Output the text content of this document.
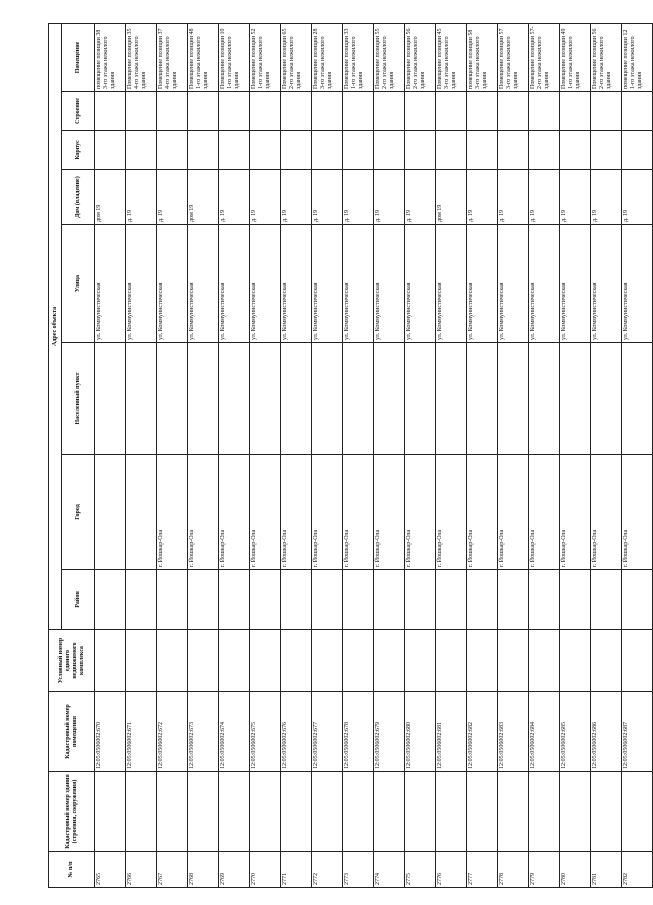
№ п/п	Кадастровый номер здания (строения, сооружения)	Кадастровый номер помещения	Условный номер единого недвижимого комплекса	Адрес объекта							
				Район	Город	Населенный пункт	Улица	Дом (владение)	Корпус	Строение	Помещение
2765		12:05:0506002:670					ул. Коммунистическая	дом 19			помещение позиции 38 3-го этажа нежилого здания
2766		12:05:0506002:671					ул. Коммунистическая	д. 19			Помещение позиции 35 4-го этажа нежилого здания
2767		12:05:0506002:672			г. Йошкар-Ола		ул. Коммунистическая	д. 19			Помещение позиции 37 4-го этажа нежилого здания
2768		12:05:0506002:673			г. Йошкар-Ола		ул. Коммунистическая	дом 19			Помещение позиции 48 1-го этажа нежилого здания
2769		12:05:0506002:674			г. Йошкар-Ола		ул. Коммунистическая	д. 19			Помещение позиции 10 1-го этажа нежилого здания
2770		12:05:0506002:675			г. Йошкар-Ола		ул. Коммунистическая	д. 19			Помещение позиции 52 1-го этажа нежилого здания
2771		12:05:0506002:676			г. Йошкар-Ола		ул. Коммунистическая	д. 19			Помещение позиции 65 2-го этажа нежилого здания
2772		12:05:0506002:677			г. Йошкар-Ола		ул. Коммунистическая	д. 19			Помещение позиции 28 3-го этажа нежилого здания
2773		12:05:0506002:678			г. Йошкар-Ола		ул. Коммунистическая	д. 19			Помещение позиции 33 1-го этажа нежилого здания
2774		12:05:0506002:679			г. Йошкар-Ола		ул. Коммунистическая	д. 19			Помещение позиции 55 2-го этажа нежилого здания
2775		12:05:0506002:680			г. Йошкар-Ола		ул. Коммунистическая	д. 19			Помещение позиции 56 2-го этажа нежилого здания
2776		12:05:0506002:681			г. Йошкар-Ола		ул. Коммунистическая	дом 19			Помещение позиции 45 3-го этажа нежилого здания
2777		12:05:0506002:682			г. Йошкар-Ола		ул. Коммунистическая	д. 19			помещение позиции 58 3-го этажа нежилого здания
2778		12:05:0506002:683			г. Йошкар-Ола		ул. Коммунистическая	д. 19			Помещение позиции 57 3-го этажа нежилого здания
2779		12:05:0506002:684			г. Йошкар-Ола		ул. Коммунистическая	д. 19			Помещение позиции 57-2-го этажа нежилого здания
2780		12:05:0506002:685			г. Йошкар-Ола		ул. Коммунистическая	д. 19			Помещение позиции 49 1-го этажа нежилого здания
2781		12:05:0506002:686			г. Йошкар-Ола		ул. Коммунистическая	д. 19			Помещение позиции 56 2-го этажа нежилого здания
2782		12:05:0506002:687			г. Йошкар-Ола		ул. Коммунистическая	д. 19			помещение позиции 12 1-го этажа нежилого здания
